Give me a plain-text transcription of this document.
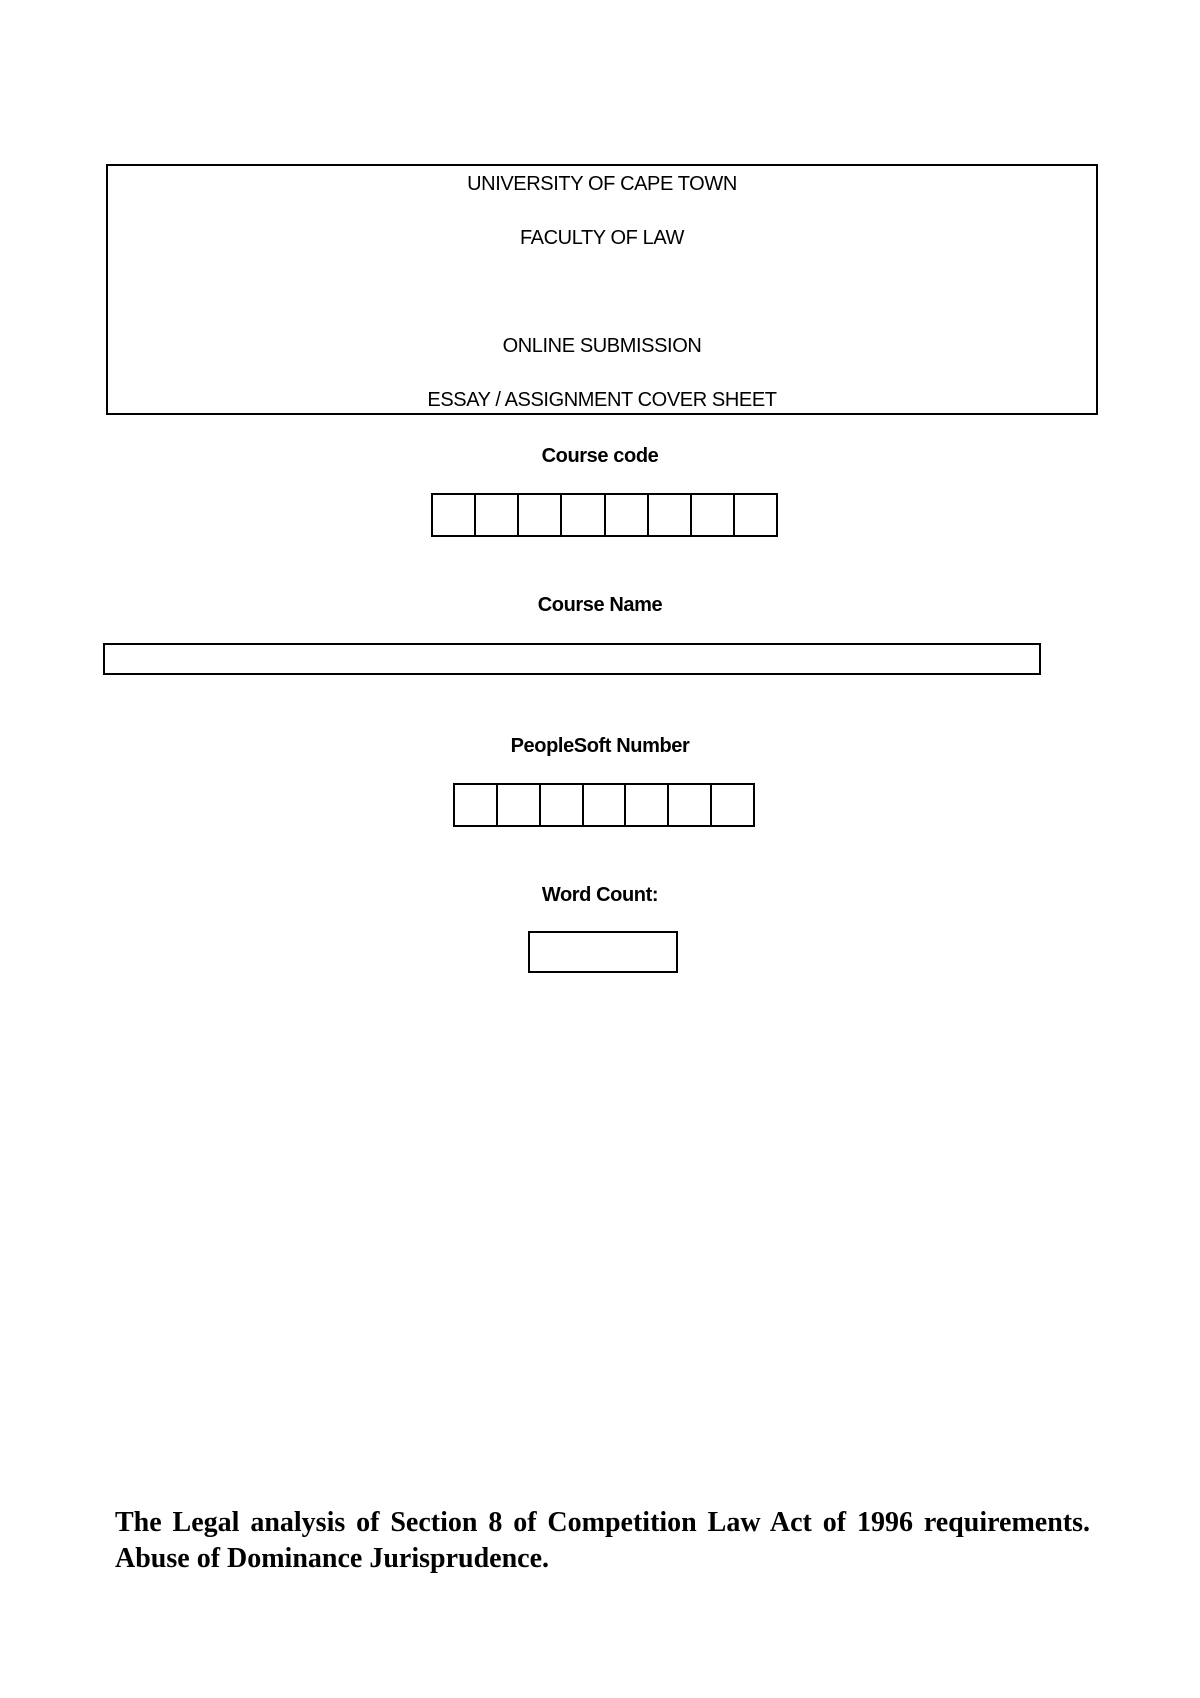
UNIVERSITY OF CAPE TOWN
FACULTY OF LAW
ONLINE SUBMISSION
ESSAY / ASSIGNMENT COVER SHEET
Course code
Course Name
PeopleSoft Number
Word Count:
The Legal analysis of Section 8 of Competition Law Act of 1996 requirements. Abuse of Dominance Jurisprudence.
